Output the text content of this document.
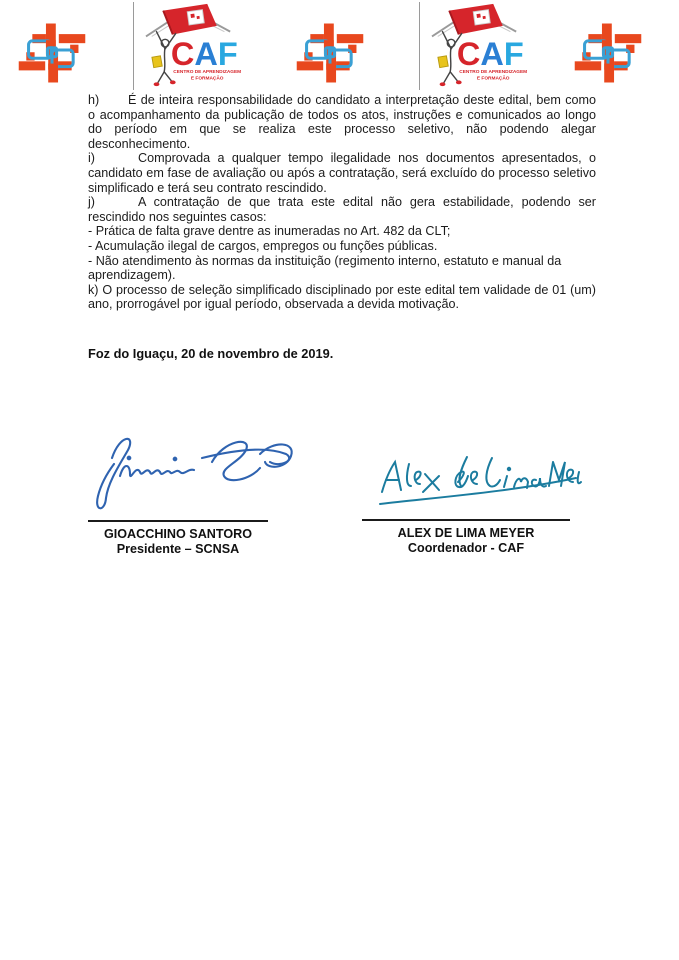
CAF
CENTRO DE APRENDIZAGEM
E FORMAÇÃO
CAF
CENTRO DE APRENDIZAGEM
E FORMAÇÃO

h) É de inteira responsabilidade do candidato a interpretação deste edital, bem como o acompanhamento da publicação de todos os atos, instruções e comunicados ao longo do período em que se realiza este processo seletivo, não podendo alegar desconhecimento.

i)	Comprovada a qualquer tempo ilegalidade nos documentos apresentados, o candidato em fase de avaliação ou após a contratação, será excluído do processo seletivo simplificado e terá seu contrato rescindido.

j)	A contratação de que trata este edital não gera estabilidade, podendo ser rescindido nos seguintes casos:

- Prática de falta grave dentre as inumeradas no Art. 482 da CLT;
- Acumulação ilegal de cargos, empregos ou funções públicas.
- Não atendimento às normas da instituição (regimento interno, estatuto e manual da aprendizagem).

k) O processo de seleção simplificado disciplinado por este edital tem validade de 01 (um) ano, prorrogável por igual período, observada a devida motivação.

Foz do Iguaçu, 20 de novembro de 2019.
GIOACCHINO SANTORO
Presidente – SCNSA
ALEX DE LIMA MEYER
Coordenador - CAF
